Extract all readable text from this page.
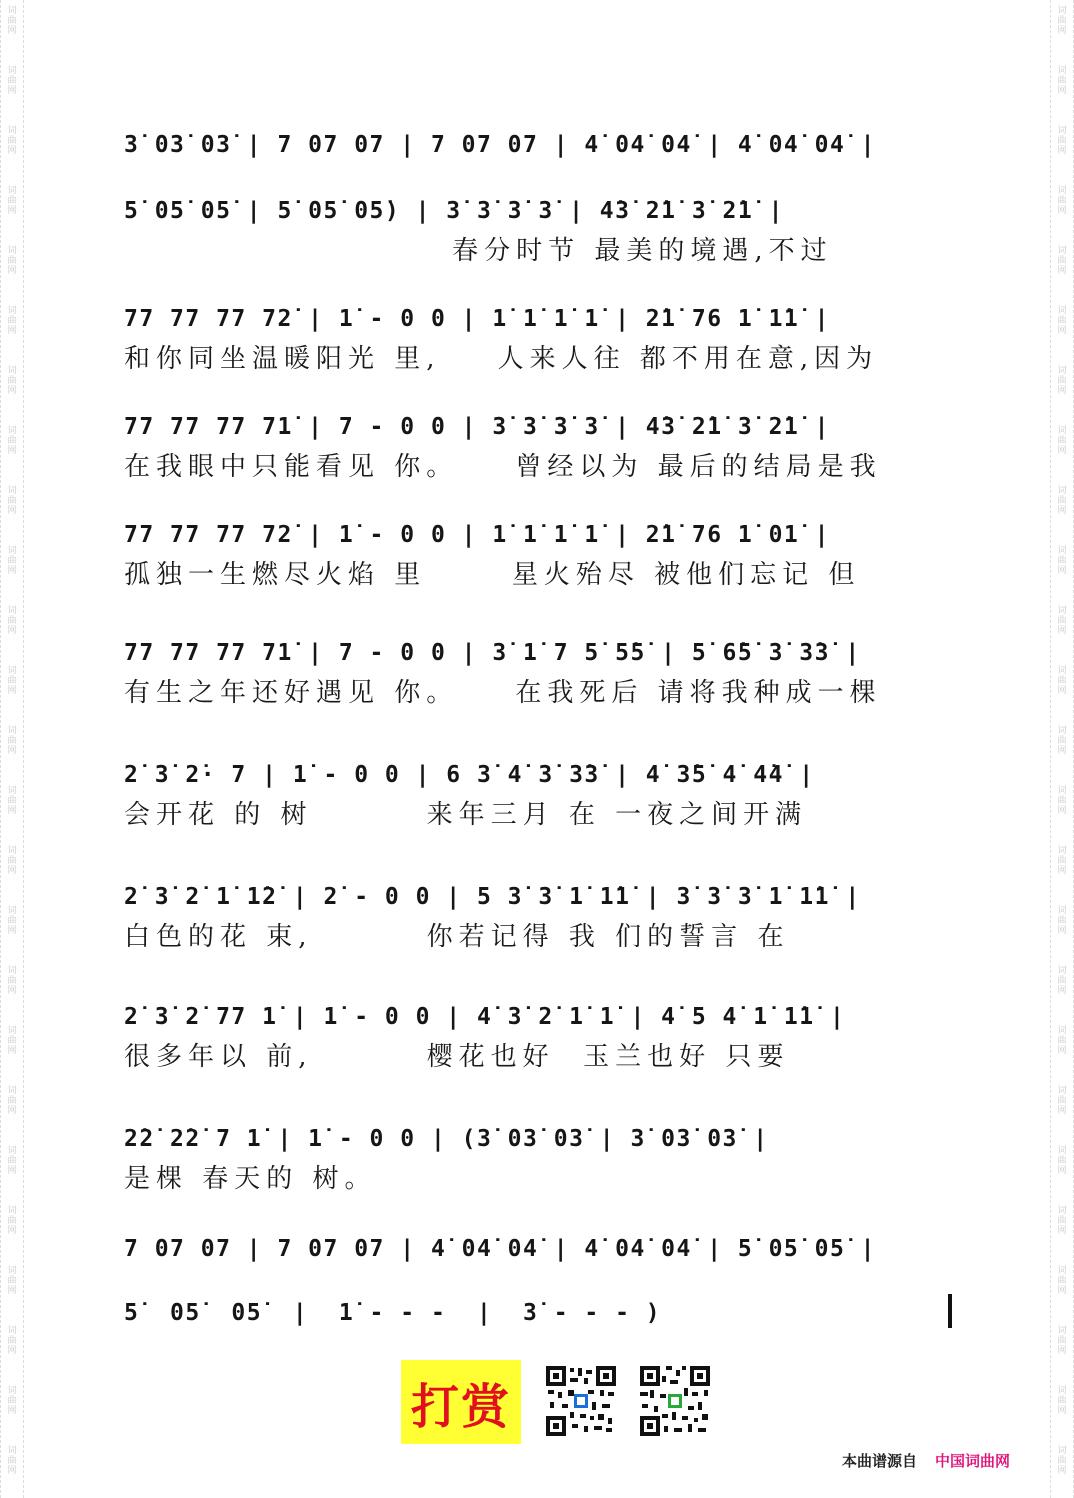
词
曲
网
词
曲
网
词
曲
网
词
曲
网
词
曲
网
词
曲
网
词
曲
网
词
曲
网
词
曲
网
词
曲
网
词
曲
网
词
曲
网
词
曲
网
词
曲
网
词
曲
网
词
曲
网
词
曲
网
词
曲
网
词
曲
网
词
曲
网
词
曲
网
词
曲
网
词
曲
网
词
曲
网
词
曲
网
词
曲
网
词
曲
网
词
曲
网
词
曲
网
词
曲
网
词
曲
网
词
曲
网
词
曲
网
词
曲
网
词
曲
网
词
曲
网
词
曲
网
词
曲
网
词
曲
网
词
曲
网
词
曲
网
词
曲
网
词
曲
网
词
曲
网
词
曲
网
词
曲
网
词
曲
网
词
曲
网
词
曲
网
词
曲
网
3̇ 03̇ 03̇ | 7 07 07 | 7 07 07 | 4̇ 04̇ 04̇ | 4̇ 04̇ 04̇ |
5̇ 05̇ 05̇ | 5̇ 05̇ 05̇) | 3̇ 3̇ 3̇ 3̇ | 4̇3̇ 2̇1̇ 3̇ 2̇1̇ |
春分时节 最美的境遇,不过
77 77 77 72̇ | 1̇ - 0 0 | 1̇ 1̇ 1̇ 1̇ | 2̇1̇ 76 1̇ 1̇1̇ |
和你同坐温暖阳光 里,    人来人往 都不用在意,因为
77 77 77 71̇ | 7 - 0 0 | 3̇ 3̇ 3̇ 3̇ | 4̇3̇ 2̇1̇ 3̇ 2̇1̇ |
在我眼中只能看见 你。    曾经以为 最后的结局是我
77 77 77 72̇ | 1̇ - 0 0 | 1̇ 1̇ 1̇ 1̇ | 2̇1̇ 76 1̇ 01̇ |
孤独一生燃尽火焰 里      星火殆尽 被他们忘记 但
77 77 77 71̇ | 7 - 0 0 | 3̇ 1̇ 7 5̇ 5̇5̇ | 5̇ 6̇5̇ 3̇ 3̇3̇ |
有生之年还好遇见 你。    在我死后 请将我种成一棵
2̇ 3̇ 2̇· 7 | 1̇ - 0 0 | 6 3̇ 4̇ 3̇ 3̇3̇ | 4̇ 3̇5̇ 4̇ 4̇4̇ |
会开花 的 树        来年三月 在 一夜之间开满
2̇ 3̇ 2̇ 1̇ 1̇2̇ | 2̇ - 0 0 | 5 3̇ 3̇ 1̇ 1̇1̇ | 3̇ 3̇ 3̇ 1̇ 1̇1̇ |
白色的花 束,        你若记得 我 们的誓言 在
2̇ 3̇ 2̇ 77 1̇ | 1̇ - 0 0 | 4̇ 3̇ 2̇ 1̇ 1̇ | 4̇ 5 4̇ 1̇ 1̇1̇ |
很多年以 前,        樱花也好  玉兰也好 只要
2̇2̇ 2̇2̇ 7 1̇ | 1̇ - 0 0 | (3̇ 03̇ 03̇ | 3̇ 03̇ 03̇ |
是棵 春天的 树。
7 07 07 | 7 07 07 | 4̇ 04̇ 04̇ | 4̇ 04̇ 04̇ | 5̇ 05̇ 05̇ |
5̇  05̇  05̇  |  1̇ - - -  |  3̇ - - - )
打赏
本曲谱源自 中国词曲网
